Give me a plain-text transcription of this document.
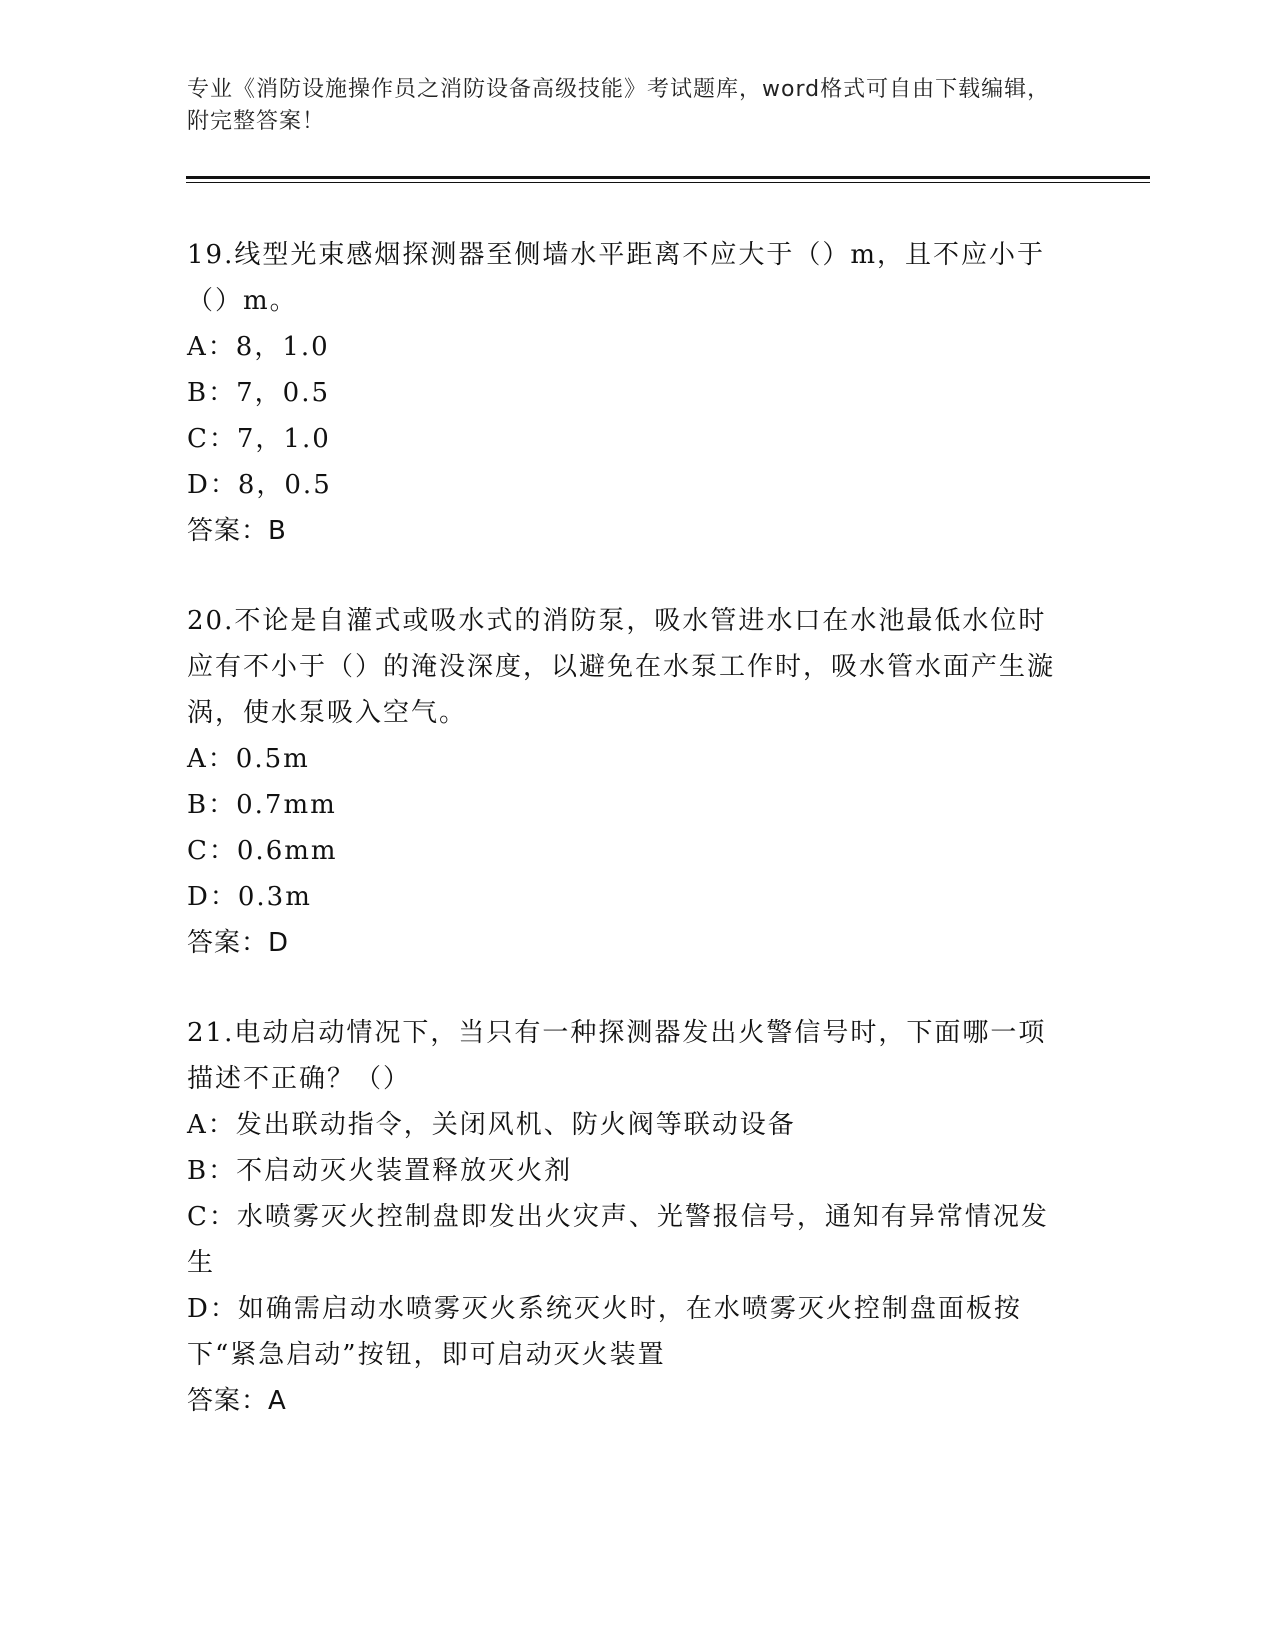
专业《消防设施操作员之消防设备高级技能》考试题库，word格式可自由下载编辑，附完整答案！
19.线型光束感烟探测器至侧墙水平距离不应大于（）m，且不应小于（）m。
A：8，1.0
B：7，0.5
C：7，1.0
D：8，0.5
答案：B
20.不论是自灌式或吸水式的消防泵，吸水管进水口在水池最低水位时应有不小于（）的淹没深度，以避免在水泵工作时，吸水管水面产生漩涡，使水泵吸入空气。
A：0.5m
B：0.7mm
C：0.6mm
D：0.3m
答案：D
21.电动启动情况下，当只有一种探测器发出火警信号时，下面哪一项描述不正确？（）
A：发出联动指令，关闭风机、防火阀等联动设备
B：不启动灭火装置释放灭火剂
C：水喷雾灭火控制盘即发出火灾声、光警报信号，通知有异常情况发生
D：如确需启动水喷雾灭火系统灭火时，在水喷雾灭火控制盘面板按下“紧急启动”按钮，即可启动灭火装置
答案：A
